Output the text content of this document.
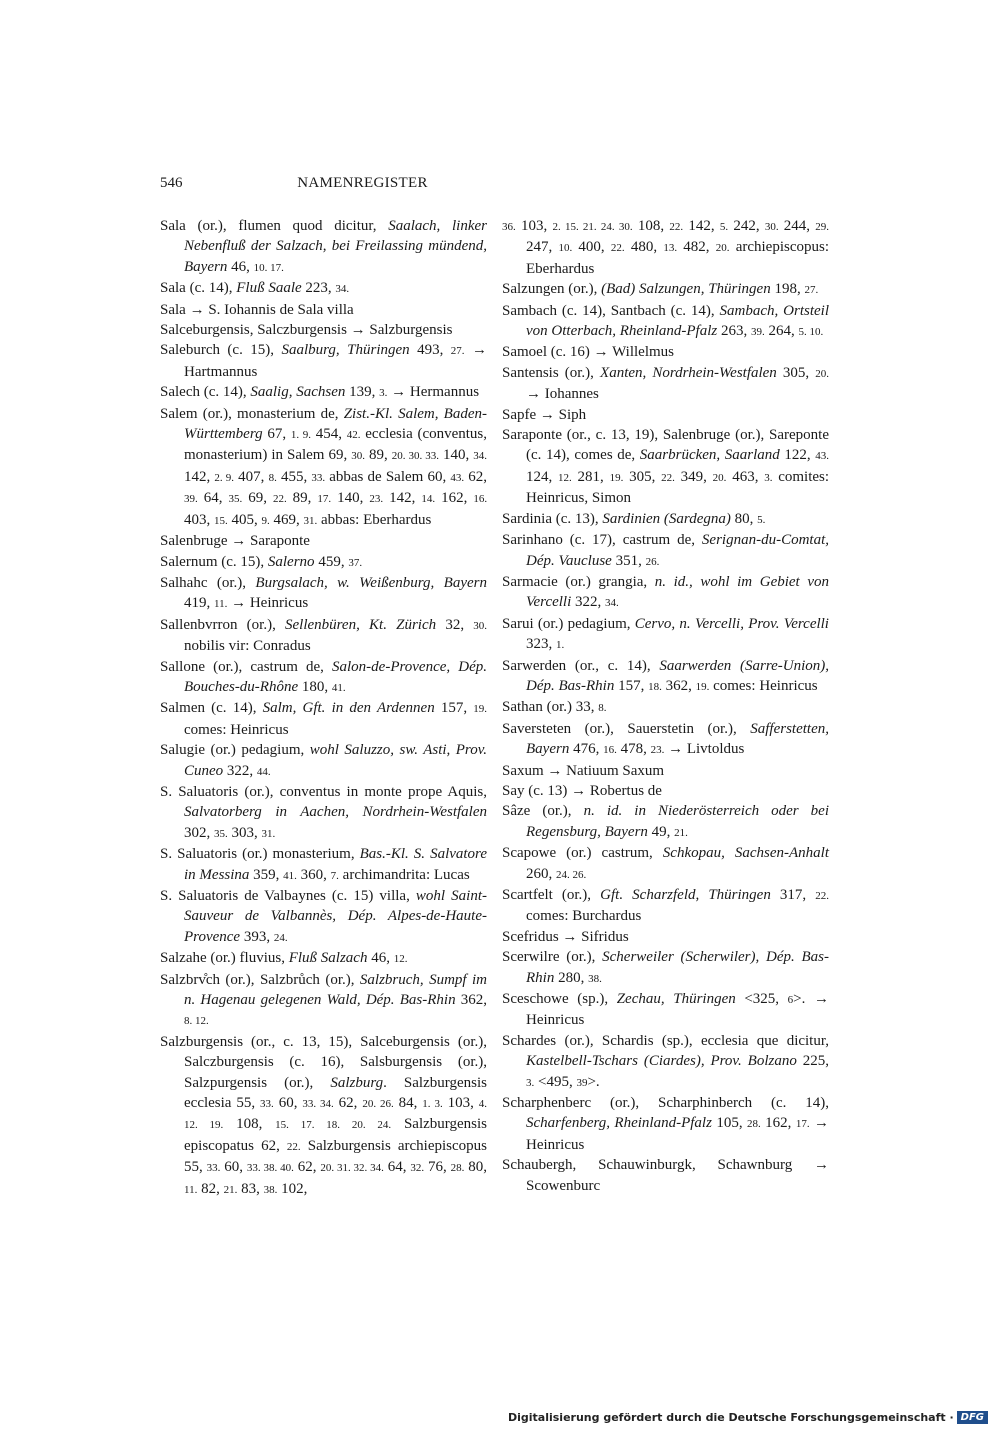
546	NAMENREGISTER
Sala (or.), flumen quod dicitur, Saalach, linker Nebenfluß der Salzach, bei Freilassing mündend, Bayern 46, 10. 17.
Sala (c. 14), Fluß Saale 223, 34.
Sala → S. Iohannis de Sala villa
Salceburgensis, Salczburgensis → Salzburgensis
Saleburch (c. 15), Saalburg, Thüringen 493, 27. → Hartmannus
Salech (c. 14), Saalig, Sachsen 139, 3. → Hermannus
Salem (or.), monasterium de, Zist.-Kl. Salem, Baden-Württemberg 67, 1. 9. 454, 42. ecclesia (conventus, monasterium) in Salem 69, 30. 89, 20. 30. 33. 140, 34. 142, 2. 9. 407, 8. 455, 33. abbas de Salem 60, 43. 62, 39. 64, 35. 69, 22. 89, 17. 140, 23. 142, 14. 162, 16. 403, 15. 405, 9. 469, 31. abbas: Eberhardus
Salenbruge → Saraponte
Salernum (c. 15), Salerno 459, 37.
Salhahc (or.), Burgsalach, w. Weißenburg, Bayern 419, 11. → Heinricus
Sallenbvrron (or.), Sellenbüren, Kt. Zürich 32, 30. nobilis vir: Conradus
Sallone (or.), castrum de, Salon-de-Provence, Dép. Bouches-du-Rhône 180, 41.
Salmen (c. 14), Salm, Gft. in den Ardennen 157, 19. comes: Heinricus
Salugie (or.) pedagium, wohl Saluzzo, sw. Asti, Prov. Cuneo 322, 44.
S. Saluatoris (or.), conventus in monte prope Aquis, Salvatorberg in Aachen, Nordrhein-Westfalen 302, 35. 303, 31.
S. Saluatoris (or.) monasterium, Bas.-Kl. S. Salvatore in Messina 359, 41. 360, 7. archimandrita: Lucas
S. Saluatoris de Valbaynes (c. 15) villa, wohl Saint-Sauveur de Valbannès, Dép. Alpes-de-Haute-Provence 393, 24.
Salzahe (or.) fluvius, Fluß Salzach 46, 12.
Salzbrv̊ch (or.), Salzbrůch (or.), Salzbruch, Sumpf im n. Hagenau gelegenen Wald, Dép. Bas-Rhin 362, 8. 12.
Salzburgensis (or., c. 13, 15), Salceburgensis (or.), Salczburgensis (c. 16), Salsburgensis (or.), Salzpurgensis (or.), Salzburg. Salzburgensis ecclesia 55, 33. 60, 33. 34. 62, 20. 26. 84, 1. 3. 103, 4. 12. 19. 108, 15. 17. 18. 20. 24. Salzburgensis episcopatus 62, 22. Salzburgensis archiepiscopus 55, 33. 60, 33. 38. 40. 62, 20. 31. 32. 34. 64, 32. 76, 28. 80, 11. 82, 21. 83, 38. 102,
36. 103, 2. 15. 21. 24. 30. 108, 22. 142, 5. 242, 30. 244, 29. 247, 10. 400, 22. 480, 13. 482, 20. archiepiscopus: Eberhardus
Salzungen (or.), (Bad) Salzungen, Thüringen 198, 27.
Sambach (c. 14), Santbach (c. 14), Sambach, Ortsteil von Otterbach, Rheinland-Pfalz 263, 39. 264, 5. 10.
Samoel (c. 16) → Willelmus
Santensis (or.), Xanten, Nordrhein-Westfalen 305, 20. → Iohannes
Sapfe → Siph
Saraponte (or., c. 13, 19), Salenbruge (or.), Sareponte (c. 14), comes de, Saarbrücken, Saarland 122, 43. 124, 12. 281, 19. 305, 22. 349, 20. 463, 3. comites: Heinricus, Simon
Sardinia (c. 13), Sardinien (Sardegna) 80, 5.
Sarinhano (c. 17), castrum de, Serignan-du-Comtat, Dép. Vaucluse 351, 26.
Sarmacie (or.) grangia, n. id., wohl im Gebiet von Vercelli 322, 34.
Sarui (or.) pedagium, Cervo, n. Vercelli, Prov. Vercelli 323, 1.
Sarwerden (or., c. 14), Saarwerden (Sarre-Union), Dép. Bas-Rhin 157, 18. 362, 19. comes: Heinricus
Sathan (or.) 33, 8.
Saversteten (or.), Sauerstetin (or.), Safferstetten, Bayern 476, 16. 478, 23. → Livtoldus
Saxum → Natiuum Saxum
Say (c. 13) → Robertus de
Sâze (or.), n. id. in Niederösterreich oder bei Regensburg, Bayern 49, 21.
Scapowe (or.) castrum, Schkopau, Sachsen-Anhalt 260, 24. 26.
Scartfelt (or.), Gft. Scharzfeld, Thüringen 317, 22. comes: Burchardus
Scefridus → Sifridus
Scerwilre (or.), Scherweiler (Scherwiler), Dép. Bas-Rhin 280, 38.
Sceschowe (sp.), Zechau, Thüringen <325, 6>. → Heinricus
Schardes (or.), Schardis (sp.), ecclesia que dicitur, Kastelbell-Tschars (Ciardes), Prov. Bolzano 225, 3. <495, 39>.
Scharphenberc (or.), Scharphinberch (c. 14), Scharfenberg, Rheinland-Pfalz 105, 28. 162, 17. → Heinricus
Schaubergh, Schauwinburgk, Schawnburg → Scowenburc
Digitalisierung gefördert durch die Deutsche Forschungsgemeinschaft · DFG
